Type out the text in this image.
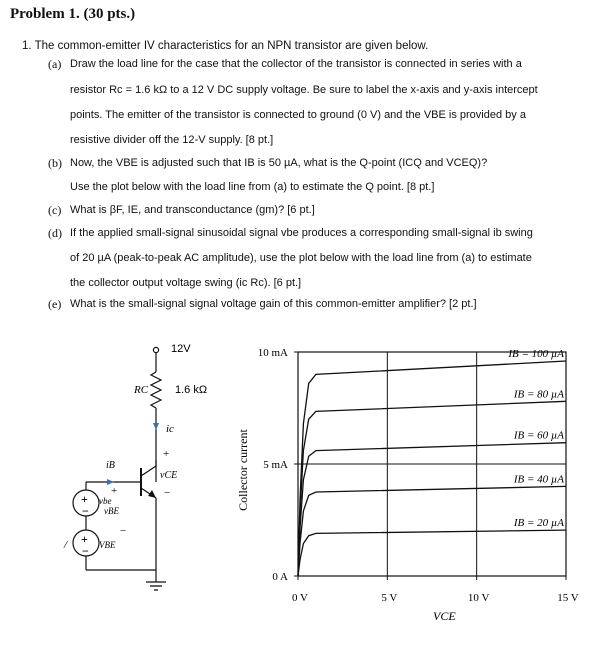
Problem 1. (30 pts.)
1. The common-emitter IV characteristics for an NPN transistor are given below.
(a) Draw the load line for the case that the collector of the transistor is connected in series with a
resistor Rc = 1.6 kΩ to a 12 V DC supply voltage. Be sure to label the x-axis and y-axis intercept
points. The emitter of the transistor is connected to ground (0 V) and the VBE is provided by a
resistive divider off the 12-V supply. [8 pt.]
(b) Now, the VBE is adjusted such that IB is 50 µA, what is the Q-point (ICQ and VCEQ)?
Use the plot below with the load line from (a) to estimate the Q point. [8 pt.]
(c) What is βF, IE, and transconductance (gm)? [6 pt.]
(d) If the applied small-signal sinusoidal signal vbe produces a corresponding small-signal ib swing
of 20 µA (peak-to-peak AC amplitude), use the plot below with the load line from (a) to estimate
the collector output voltage swing (ic Rc). [6 pt.]
(e) What is the small-signal signal voltage gain of this common-emitter amplifier? [2 pt.]
12V
RC 1.6 kΩ
ic
+
vCE
−
iB
+
vBE
−
+
−
vbe
+
− VBE
/
0 V	5 V	10 V	15 V
0 A
5 mA
10 mA	IB = 100 µA
IB = 80 µA
IB = 60 µA
IB = 40 µA
IB = 20 µA
VCE
Collector current
